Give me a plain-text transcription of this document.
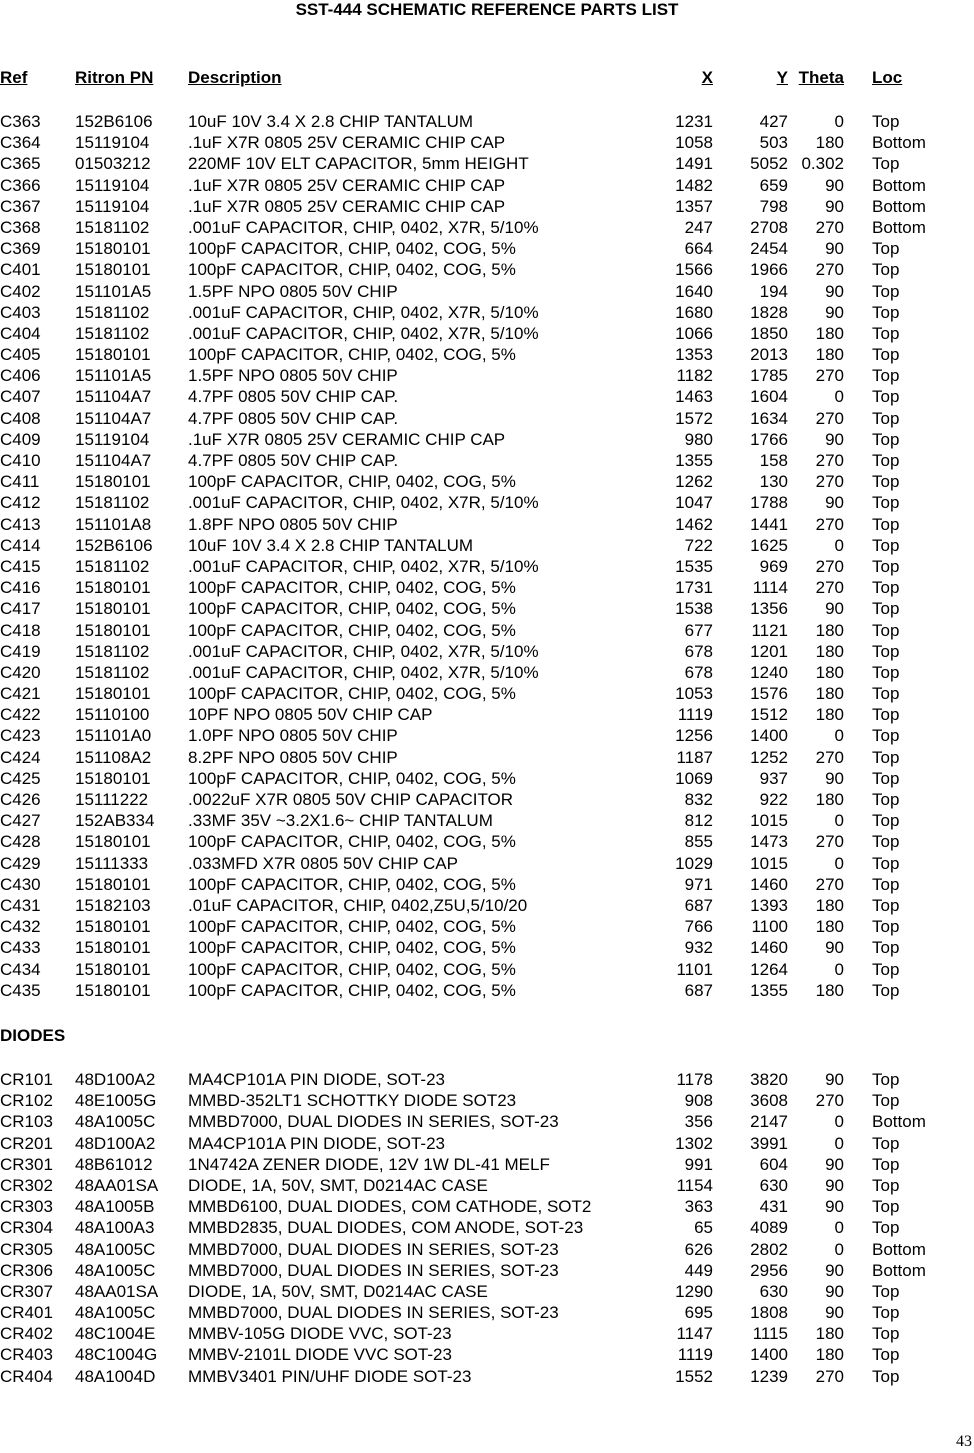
SST-444 SCHEMATIC REFERENCE PARTS LIST
Ref	Ritron PN Description	X	Y Theta Loc
C363 152B6106 10uF 10V 3.4 X 2.8 CHIP TANTALUM	1231	427	0 Top
C364 15119104 .1uF X7R 0805 25V CERAMIC CHIP CAP	1058	503 180 Bottom
C365 01503212 220MF 10V ELT CAPACITOR, 5mm HEIGHT	1491 5052 0.302 Top
C366 15119104 .1uF X7R 0805 25V CERAMIC CHIP CAP	1482	659 90 Bottom
C367 15119104 .1uF X7R 0805 25V CERAMIC CHIP CAP	1357	798 90 Bottom
C368 15181102 .001uF CAPACITOR, CHIP, 0402, X7R, 5/10%	247 2708 270 Bottom
C369 15180101 100pF CAPACITOR, CHIP, 0402, COG, 5%	664 2454 90 Top
C401 15180101 100pF CAPACITOR, CHIP, 0402, COG, 5%	1566 1966 270 Top
C402 151101A5 1.5PF NPO 0805 50V CHIP	1640	194 90 Top
C403 15181102 .001uF CAPACITOR, CHIP, 0402, X7R, 5/10%	1680 1828 90 Top
C404 15181102 .001uF CAPACITOR, CHIP, 0402, X7R, 5/10%	1066 1850 180 Top
C405 15180101 100pF CAPACITOR, CHIP, 0402, COG, 5%	1353 2013 180 Top
C406 151101A5 1.5PF NPO 0805 50V CHIP	1182 1785 270 Top
C407 151104A7 4.7PF 0805 50V CHIP CAP.	1463 1604	0 Top
C408 151104A7 4.7PF 0805 50V CHIP CAP.	1572 1634 270 Top
C409 15119104 .1uF X7R 0805 25V CERAMIC CHIP CAP	980 1766 90 Top
C410 151104A7 4.7PF 0805 50V CHIP CAP.	1355	158 270 Top
C411 15180101 100pF CAPACITOR, CHIP, 0402, COG, 5%	1262	130 270 Top
C412 15181102 .001uF CAPACITOR, CHIP, 0402, X7R, 5/10%	1047 1788 90 Top
C413 151101A8 1.8PF NPO 0805 50V CHIP	1462 1441 270 Top
C414 152B6106 10uF 10V 3.4 X 2.8 CHIP TANTALUM	722 1625	0 Top
C415 15181102 .001uF CAPACITOR, CHIP, 0402, X7R, 5/10%	1535	969 270 Top
C416 15180101 100pF CAPACITOR, CHIP, 0402, COG, 5%	1731 1114 270 Top
C417 15180101 100pF CAPACITOR, CHIP, 0402, COG, 5%	1538 1356 90 Top
C418 15180101 100pF CAPACITOR, CHIP, 0402, COG, 5%	677 1121 180 Top
C419 15181102 .001uF CAPACITOR, CHIP, 0402, X7R, 5/10%	678 1201 180 Top
C420 15181102 .001uF CAPACITOR, CHIP, 0402, X7R, 5/10%	678 1240 180 Top
C421 15180101 100pF CAPACITOR, CHIP, 0402, COG, 5%	1053 1576 180 Top
C422 15110100 10PF NPO 0805 50V CHIP CAP	1119 1512 180 Top
C423 151101A0 1.0PF NPO 0805 50V CHIP	1256 1400	0 Top
C424 151108A2 8.2PF NPO 0805 50V CHIP	1187 1252 270 Top
C425 15180101 100pF CAPACITOR, CHIP, 0402, COG, 5%	1069	937 90 Top
C426 15111222 .0022uF X7R 0805 50V CHIP CAPACITOR	832	922 180 Top
C427 152AB334 .33MF 35V ~3.2X1.6~ CHIP TANTALUM	812 1015	0 Top
C428 15180101 100pF CAPACITOR, CHIP, 0402, COG, 5%	855 1473 270 Top
C429 15111333 .033MFD X7R 0805 50V CHIP CAP	1029 1015	0 Top
C430 15180101 100pF CAPACITOR, CHIP, 0402, COG, 5%	971 1460 270 Top
C431 15182103 .01uF CAPACITOR, CHIP, 0402,Z5U,5/10/20	687 1393 180 Top
C432 15180101 100pF CAPACITOR, CHIP, 0402, COG, 5%	766 1100 180 Top
C433 15180101 100pF CAPACITOR, CHIP, 0402, COG, 5%	932 1460 90 Top
C434 15180101 100pF CAPACITOR, CHIP, 0402, COG, 5%	1101 1264	0 Top
C435 15180101 100pF CAPACITOR, CHIP, 0402, COG, 5%	687 1355 180 Top
DIODES
CR101 48D100A2 MA4CP101A PIN DIODE, SOT-23	1178 3820 90 Top
CR102 48E1005G MMBD-352LT1 SCHOTTKY DIODE SOT23	908 3608 270 Top
CR103 48A1005C MMBD7000, DUAL DIODES IN SERIES, SOT-23	356 2147	0 Bottom
CR201 48D100A2 MA4CP101A PIN DIODE, SOT-23	1302 3991	0 Top
CR301 48B61012 1N4742A ZENER DIODE, 12V 1W DL-41 MELF	991	604 90 Top
CR302 48AA01SA DIODE, 1A, 50V, SMT, D0214AC CASE	1154	630 90 Top
CR303 48A1005B MMBD6100, DUAL DIODES, COM CATHODE, SOT2	363	431 90 Top
CR304 48A100A3 MMBD2835, DUAL DIODES, COM ANODE, SOT-23	65 4089	0 Top
CR305 48A1005C MMBD7000, DUAL DIODES IN SERIES, SOT-23	626 2802	0 Bottom
CR306 48A1005C MMBD7000, DUAL DIODES IN SERIES, SOT-23	449 2956 90 Bottom
CR307 48AA01SA DIODE, 1A, 50V, SMT, D0214AC CASE	1290	630 90 Top
CR401 48A1005C MMBD7000, DUAL DIODES IN SERIES, SOT-23	695 1808 90 Top
CR402 48C1004E MMBV-105G DIODE VVC, SOT-23	1147 1115 180 Top
CR403 48C1004G MMBV-2101L DIODE VVC SOT-23	1119 1400 180 Top
CR404 48A1004D MMBV3401 PIN/UHF DIODE SOT-23	1552 1239 270 Top
43
